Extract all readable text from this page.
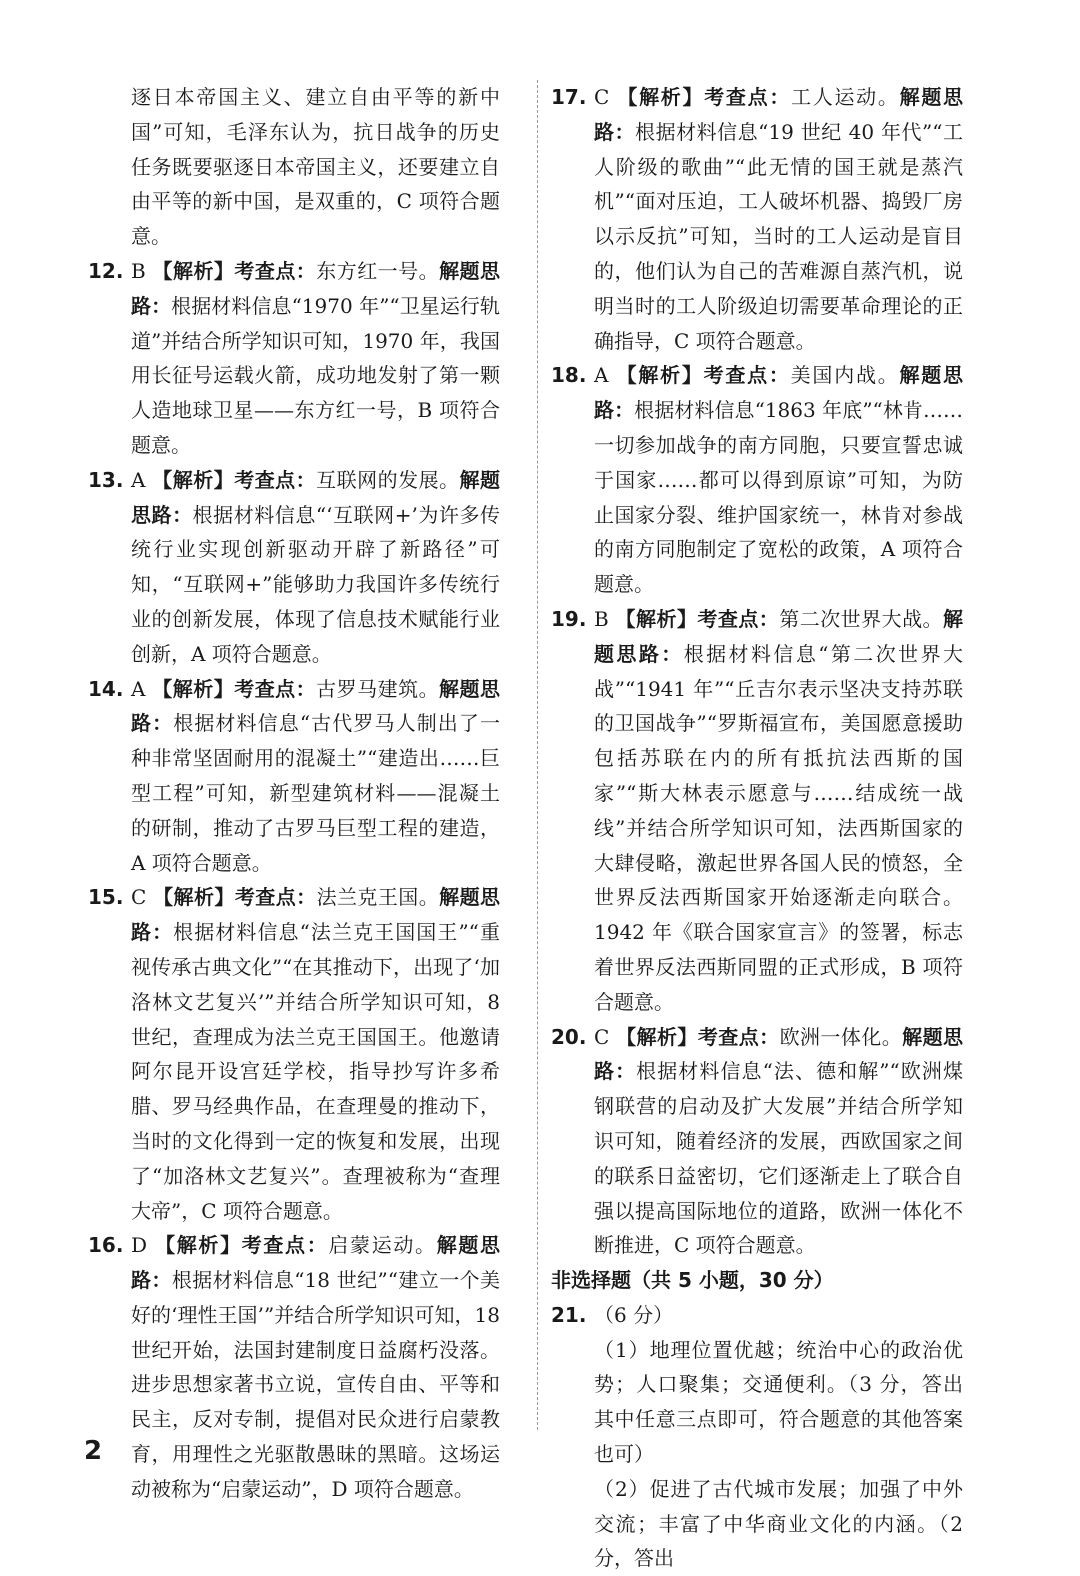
逐日本帝国主义、建立自由平等的新中国”可知，毛泽东认为，抗日战争的历史任务既要驱逐日本帝国主义，还要建立自由平等的新中国，是双重的，C 项符合题意。
12. B 【解析】考查点：东方红一号。解题思路：根据材料信息“1970 年”“卫星运行轨道”并结合所学知识可知，1970 年，我国用长征号运载火箭，成功地发射了第一颗人造地球卫星——东方红一号，B 项符合题意。
13. A 【解析】考查点：互联网的发展。解题思路：根据材料信息“‘互联网+’为许多传统行业实现创新驱动开辟了新路径”可知，“互联网+”能够助力我国许多传统行业的创新发展，体现了信息技术赋能行业创新，A 项符合题意。
14. A 【解析】考查点：古罗马建筑。解题思路：根据材料信息“古代罗马人制出了一种非常坚固耐用的混凝土”“建造出……巨型工程”可知，新型建筑材料——混凝土的研制，推动了古罗马巨型工程的建造，A 项符合题意。
15. C 【解析】考查点：法兰克王国。解题思路：根据材料信息“法兰克王国国王”“重视传承古典文化”“在其推动下，出现了‘加洛林文艺复兴’”并结合所学知识可知，8 世纪，查理成为法兰克王国国王。他邀请阿尔昆开设宫廷学校，指导抄写许多希腊、罗马经典作品，在查理曼的推动下，当时的文化得到一定的恢复和发展，出现了“加洛林文艺复兴”。查理被称为“查理大帝”，C 项符合题意。
16. D 【解析】考查点：启蒙运动。解题思路：根据材料信息“18 世纪”“建立一个美好的‘理性王国’”并结合所学知识可知，18 世纪开始，法国封建制度日益腐朽没落。进步思想家著书立说，宣传自由、平等和民主，反对专制，提倡对民众进行启蒙教育，用理性之光驱散愚昧的黑暗。这场运动被称为“启蒙运动”，D 项符合题意。
17. C 【解析】考查点：工人运动。解题思路：根据材料信息“19 世纪 40 年代”“工人阶级的歌曲”“此无情的国王就是蒸汽机”“面对压迫，工人破坏机器、捣毁厂房以示反抗”可知，当时的工人运动是盲目的，他们认为自己的苦难源自蒸汽机，说明当时的工人阶级迫切需要革命理论的正确指导，C 项符合题意。
18. A 【解析】考查点：美国内战。解题思路：根据材料信息“1863 年底”“林肯……一切参加战争的南方同胞，只要宣誓忠诚于国家……都可以得到原谅”可知，为防止国家分裂、维护国家统一，林肯对参战的南方同胞制定了宽松的政策，A 项符合题意。
19. B 【解析】考查点：第二次世界大战。解题思路：根据材料信息“第二次世界大战”“1941 年”“丘吉尔表示坚决支持苏联的卫国战争”“罗斯福宣布，美国愿意援助包括苏联在内的所有抵抗法西斯的国家”“斯大林表示愿意与……结成统一战线”并结合所学知识可知，法西斯国家的大肆侵略，激起世界各国人民的愤怒，全世界反法西斯国家开始逐渐走向联合。1942 年《联合国家宣言》的签署，标志着世界反法西斯同盟的正式形成，B 项符合题意。
20. C 【解析】考查点：欧洲一体化。解题思路：根据材料信息“法、德和解”“欧洲煤钢联营的启动及扩大发展”并结合所学知识可知，随着经济的发展，西欧国家之间的联系日益密切，它们逐渐走上了联合自强以提高国际地位的道路，欧洲一体化不断推进，C 项符合题意。
非选择题（共 5 小题，30 分）
21. （6 分）
（1）地理位置优越；统治中心的政治优势；人口聚集；交通便利。（3 分，答出其中任意三点即可，符合题意的其他答案也可）
（2）促进了古代城市发展；加强了中外交流；丰富了中华商业文化的内涵。（2 分，答出
2
